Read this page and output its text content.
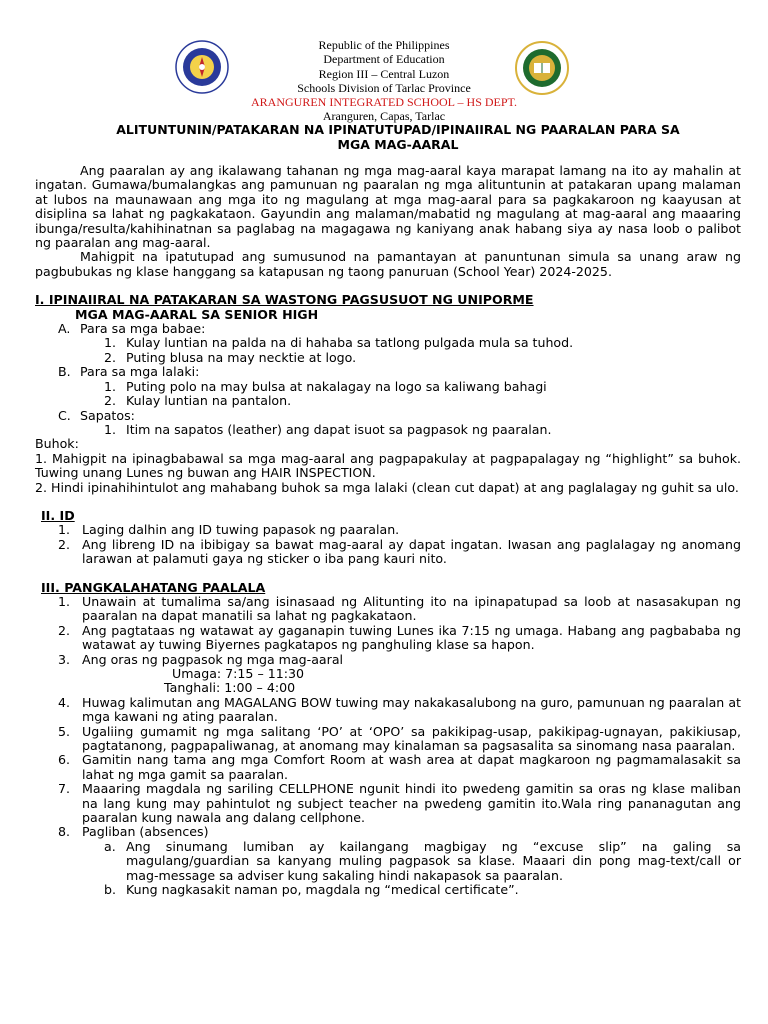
Republic of the Philippines
Department of Education
Region III – Central Luzon
Schools Division of Tarlac Province
ARANGUREN INTEGRATED SCHOOL – HS DEPT.
Aranguren, Capas, Tarlac
ALITUNTUNIN/PATAKARAN NA IPINATUTUPAD/IPINAIIRAL NG PAARALAN PARA SA
MGA MAG-AARAL

Ang paaralan ay ang ikalawang tahanan ng mga mag-aaral kaya marapat lamang na ito ay mahalin at ingatan. Gumawa/bumalangkas ang pamunuan ng paaralan ng mga alituntunin at patakaran upang malaman at lubos na maunawaan ang mga ito ng magulang at mga mag-aaral para sa pagkakaroon ng kaayusan at disiplina sa lahat ng pagkakataon. Gayundin ang malaman/mabatid ng magulang at mag-aaral ang maaaring ibunga/resulta/kahihinatnan sa paglabag na magagawa ng kaniyang anak habang siya ay nasa loob o palibot ng paaralan ang mag-aaral.

Mahigpit na ipatutupad ang sumusunod na pamantayan at panuntunan simula sa unang araw ng pagbubukas ng klase hanggang sa katapusan ng taong panuruan (School Year) 2024-2025.

I. IPINAIIRAL NA PATAKARAN SA WASTONG PAGSUSUOT NG UNIPORME

MGA MAG-AARAL SA SENIOR HIGH

A. Para sa mga babae:
1. Kulay luntian na palda na di hahaba sa tatlong pulgada mula sa tuhod.
2. Puting blusa na may necktie at logo.
B. Para sa mga lalaki:
1. Puting polo na may bulsa at nakalagay na logo sa kaliwang bahagi
2. Kulay luntian na pantalon.
C. Sapatos:
1. Itim na sapatos (leather) ang dapat isuot sa pagpasok ng paaralan.

Buhok:

1. Mahigpit na ipinagbabawal sa mga mag-aaral ang pagpapakulay at pagpapalagay ng “highlight” sa buhok. Tuwing unang Lunes ng buwan ang HAIR INSPECTION.

2. Hindi ipinahihintulot ang mahabang buhok sa mga lalaki (clean cut dapat) at ang paglalagay ng guhit sa ulo.

II. ID

1. Laging dalhin ang ID tuwing papasok ng paaralan.
2. Ang libreng ID na ibibigay sa bawat mag-aaral ay dapat ingatan. Iwasan ang paglalagay ng anomang larawan at palamuti gaya ng sticker o iba pang kauri nito.

III. PANGKALAHATANG PAALALA

1. Unawain at tumalima sa/ang isinasaad ng Alitunting ito na ipinapatupad sa loob at nasasakupan ng paaralan na dapat manatili sa lahat ng pagkakataon.
2. Ang pagtataas ng watawat ay gaganapin tuwing Lunes ika 7:15 ng umaga. Habang ang pagbababa ng watawat ay tuwing Biyernes pagkatapos ng panghuling klase sa hapon.
3. Ang oras ng pagpasok ng mga mag-aaral

Umaga: 7:15 – 11:30

Tanghali: 1:00 – 4:00

4. Huwag kalimutan ang MAGALANG BOW tuwing may nakakasalubong na guro, pamunuan ng paaralan at mga kawani ng ating paaralan.
5. Ugaliing gumamit ng mga salitang ‘PO’ at ‘OPO’ sa pakikipag-usap, pakikipag-ugnayan, pakikiusap, pagtatanong, pagpapaliwanag, at anomang may kinalaman sa pagsasalita sa sinomang nasa paaralan.
6. Gamitin nang tama ang mga Comfort Room at wash area at dapat magkaroon ng pagmamalasakit sa lahat ng mga gamit sa paaralan.
7. Maaaring magdala ng sariling CELLPHONE ngunit hindi ito pwedeng gamitin sa oras ng klase maliban na lang kung may pahintulot ng subject teacher na pwedeng gamitin ito.Wala ring pananagutan ang paaralan kung nawala ang dalang cellphone.
8. Pagliban (absences)
a. Ang sinumang lumiban ay kailangang magbigay ng “excuse slip” na galing sa magulang/guardian sa kanyang muling pagpasok sa klase. Maaari din pong mag-text/call or mag-message sa adviser kung sakaling hindi nakapasok sa paaralan.
b. Kung nagkasakit naman po, magdala ng “medical certificate”.
